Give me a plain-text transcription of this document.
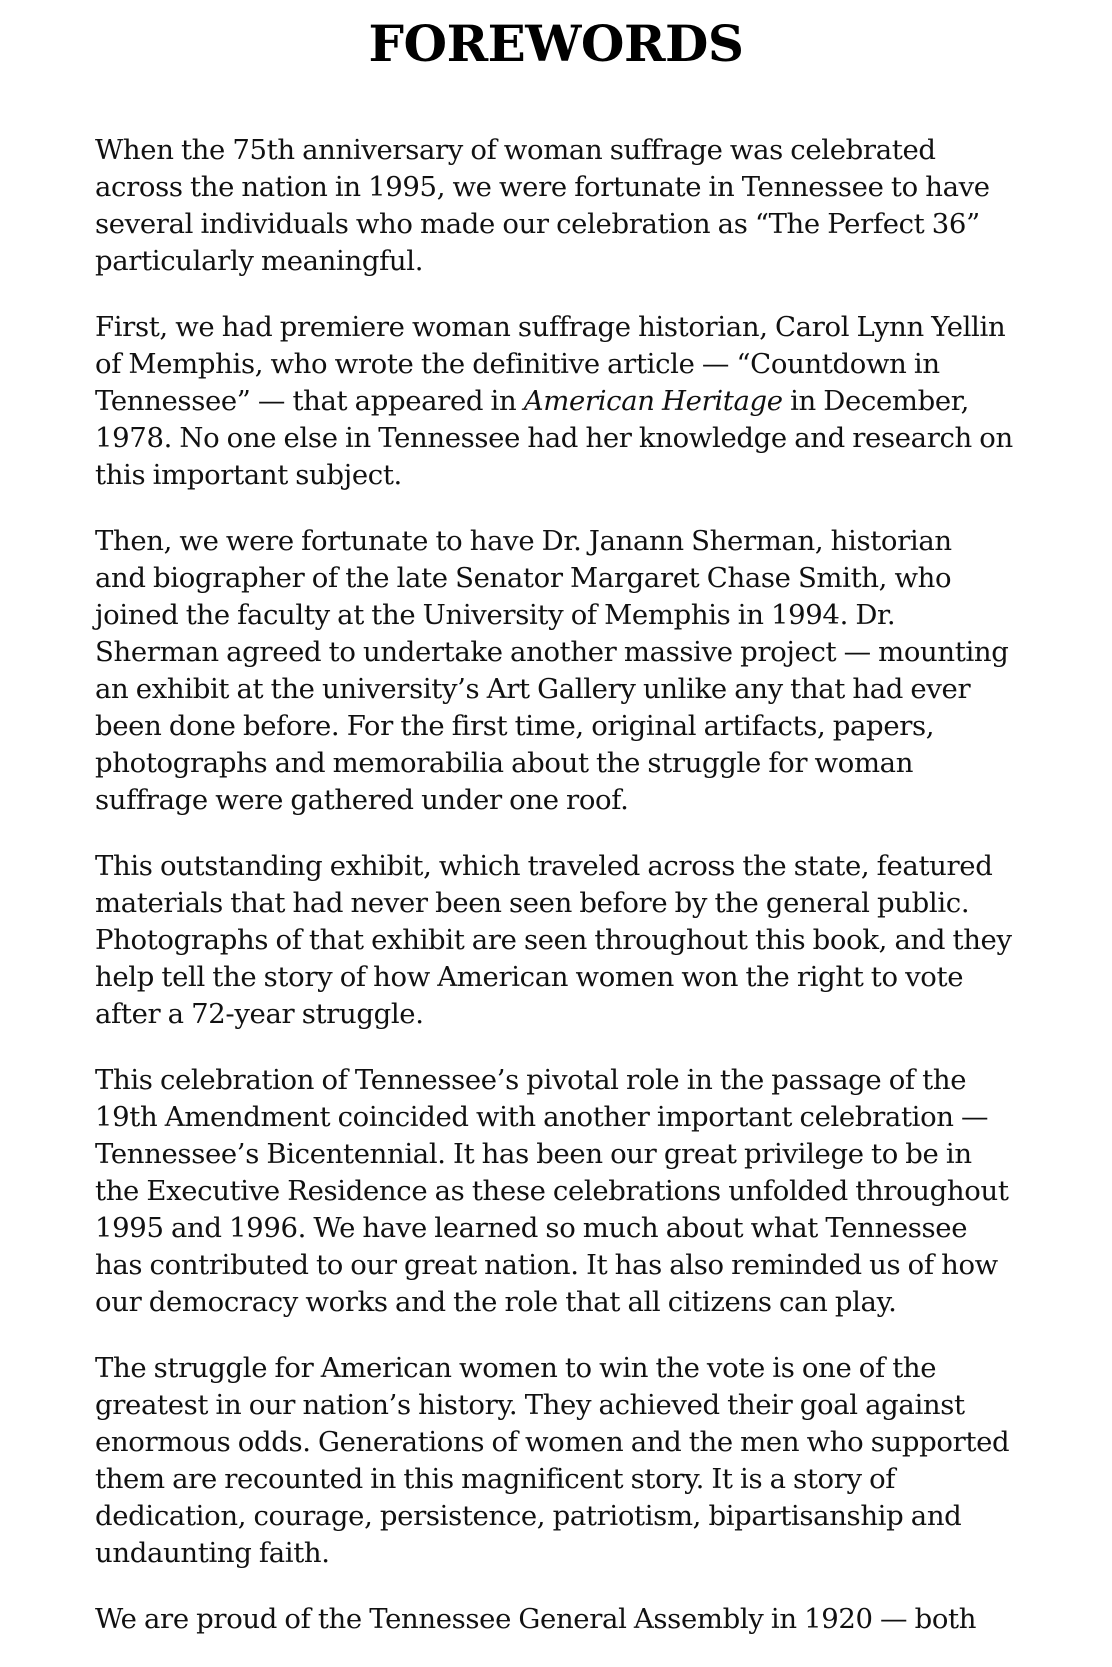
FOREWORDS

When the 75th anniversary of woman suffrage was celebrated
across the nation in 1995, we were fortunate in Tennessee to have
several individuals who made our celebration as “The Perfect 36”
particularly meaningful.

First, we had premiere woman suffrage historian, Carol Lynn Yellin
of Memphis, who wrote the definitive article — “Countdown in
Tennessee” — that appeared in American Heritage in December,
1978. No one else in Tennessee had her knowledge and research on
this important subject.

Then, we were fortunate to have Dr. Janann Sherman, historian
and biographer of the late Senator Margaret Chase Smith, who
joined the faculty at the University of Memphis in 1994. Dr.
Sherman agreed to undertake another massive project — mounting
an exhibit at the university’s Art Gallery unlike any that had ever
been done before. For the first time, original artifacts, papers,
photographs and memorabilia about the struggle for woman
suffrage were gathered under one roof.

This outstanding exhibit, which traveled across the state, featured
materials that had never been seen before by the general public.
Photographs of that exhibit are seen throughout this book, and they
help tell the story of how American women won the right to vote
after a 72-year struggle.

This celebration of Tennessee’s pivotal role in the passage of the
19th Amendment coincided with another important celebration —
Tennessee’s Bicentennial. It has been our great privilege to be in
the Executive Residence as these celebrations unfolded throughout
1995 and 1996. We have learned so much about what Tennessee
has contributed to our great nation. It has also reminded us of how
our democracy works and the role that all citizens can play.

The struggle for American women to win the vote is one of the
greatest in our nation’s history. They achieved their goal against
enormous odds. Generations of women and the men who supported
them are recounted in this magnificent story. It is a story of
dedication, courage, persistence, patriotism, bipartisanship and
undaunting faith.

We are proud of the Tennessee General Assembly in 1920 — both
